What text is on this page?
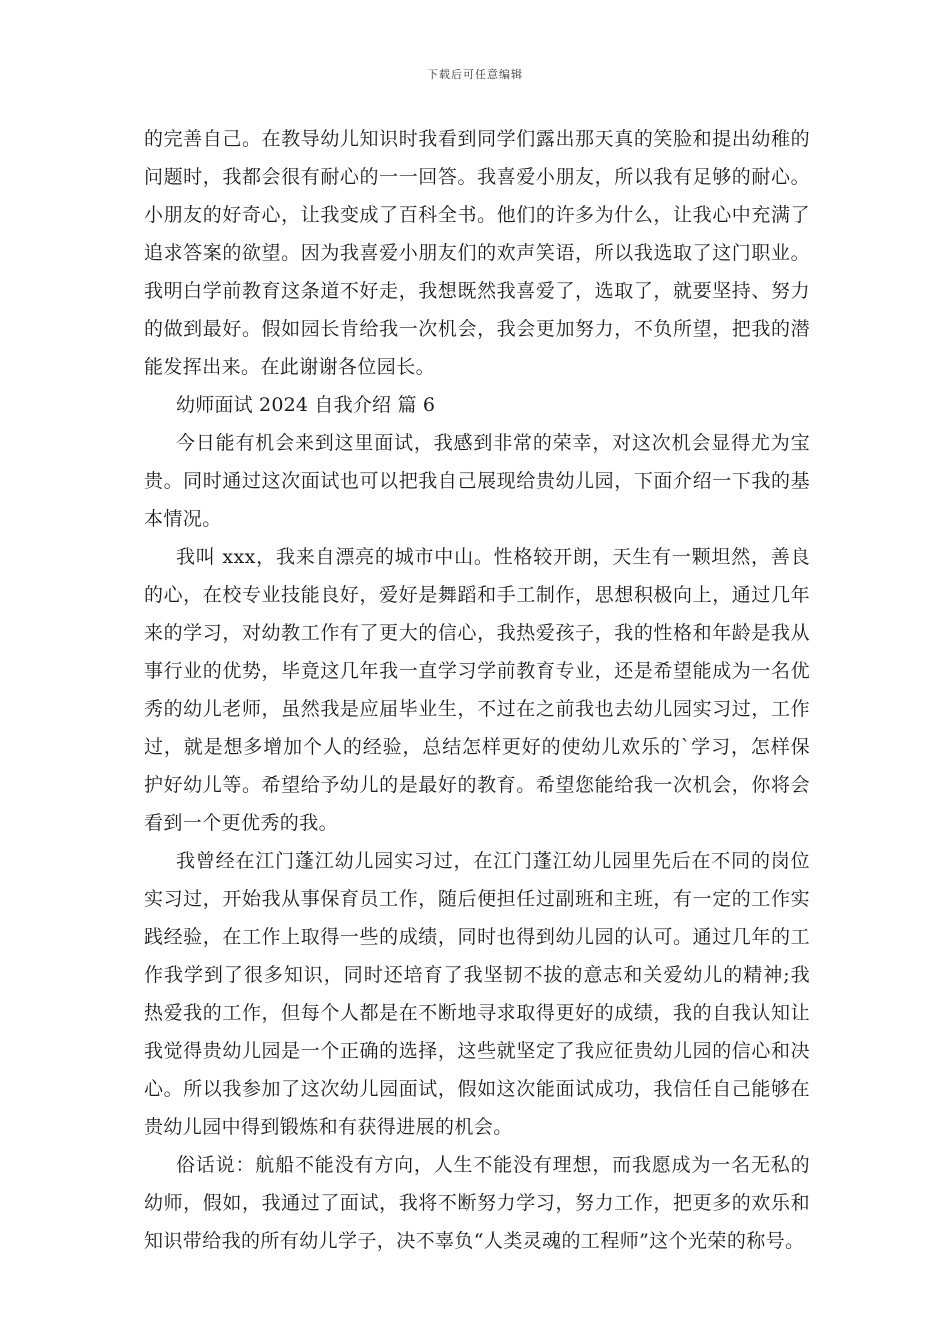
下载后可任意编辑

的完善自己。在教导幼儿知识时我看到同学们露出那天真的笑脸和提出幼稚的问题时，我都会很有耐心的一一回答。我喜爱小朋友，所以我有足够的耐心。小朋友的好奇心，让我变成了百科全书。他们的许多为什么，让我心中充满了追求答案的欲望。因为我喜爱小朋友们的欢声笑语，所以我选取了这门职业。我明白学前教育这条道不好走，我想既然我喜爱了，选取了，就要坚持、努力的做到最好。假如园长肯给我一次机会，我会更加努力，不负所望，把我的潜能发挥出来。在此谢谢各位园长。

幼师面试 2024 自我介绍 篇 6

今日能有机会来到这里面试，我感到非常的荣幸，对这次机会显得尤为宝贵。同时通过这次面试也可以把我自己展现给贵幼儿园，下面介绍一下我的基本情况。

我叫 xxx，我来自漂亮的城市中山。性格较开朗，天生有一颗坦然，善良的心，在校专业技能良好，爱好是舞蹈和手工制作，思想积极向上，通过几年来的学习，对幼教工作有了更大的信心，我热爱孩子，我的性格和年龄是我从事行业的优势，毕竟这几年我一直学习学前教育专业，还是希望能成为一名优秀的幼儿老师，虽然我是应届毕业生，不过在之前我也去幼儿园实习过，工作过，就是想多增加个人的经验，总结怎样更好的使幼儿欢乐的`学习，怎样保护好幼儿等。希望给予幼儿的是最好的教育。希望您能给我一次机会，你将会看到一个更优秀的我。

我曾经在江门蓬江幼儿园实习过，在江门蓬江幼儿园里先后在不同的岗位实习过，开始我从事保育员工作，随后便担任过副班和主班，有一定的工作实践经验，在工作上取得一些的成绩，同时也得到幼儿园的认可。通过几年的工作我学到了很多知识，同时还培育了我坚韧不拔的意志和关爱幼儿的精神;我热爱我的工作，但每个人都是在不断地寻求取得更好的成绩，我的自我认知让我觉得贵幼儿园是一个正确的选择，这些就坚定了我应征贵幼儿园的信心和决心。所以我参加了这次幼儿园面试，假如这次能面试成功，我信任自己能够在贵幼儿园中得到锻炼和有获得进展的机会。

俗话说：航船不能没有方向，人生不能没有理想，而我愿成为一名无私的幼师，假如，我通过了面试，我将不断努力学习，努力工作，把更多的欢乐和知识带给我的所有幼儿学子，决不辜负“人类灵魂的工程师”这个光荣的称号。
